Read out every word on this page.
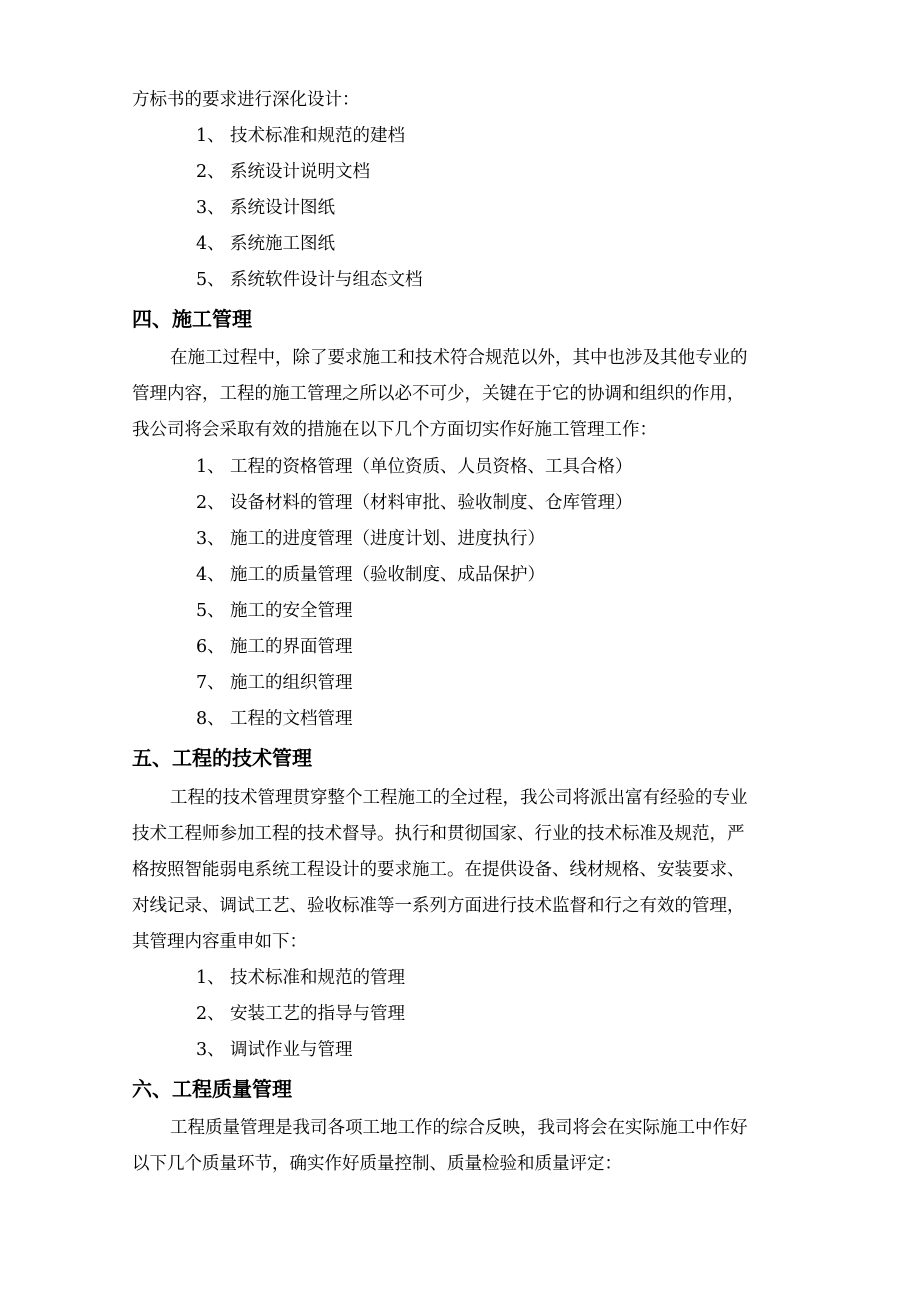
方标书的要求进行深化设计：
1、 技术标准和规范的建档
2、 系统设计说明文档
3、 系统设计图纸
4、 系统施工图纸
5、 系统软件设计与组态文档
四、施工管理
在施工过程中，除了要求施工和技术符合规范以外，其中也涉及其他专业的
管理内容，工程的施工管理之所以必不可少，关键在于它的协调和组织的作用，
我公司将会采取有效的措施在以下几个方面切实作好施工管理工作：
1、 工程的资格管理（单位资质、人员资格、工具合格）
2、 设备材料的管理（材料审批、验收制度、仓库管理）
3、 施工的进度管理（进度计划、进度执行）
4、 施工的质量管理（验收制度、成品保护）
5、 施工的安全管理
6、 施工的界面管理
7、 施工的组织管理
8、 工程的文档管理
五、工程的技术管理
工程的技术管理贯穿整个工程施工的全过程，我公司将派出富有经验的专业
技术工程师参加工程的技术督导。执行和贯彻国家、行业的技术标准及规范，严
格按照智能弱电系统工程设计的要求施工。在提供设备、线材规格、安装要求、
对线记录、调试工艺、验收标准等一系列方面进行技术监督和行之有效的管理，
其管理内容重申如下：
1、 技术标准和规范的管理
2、 安装工艺的指导与管理
3、 调试作业与管理
六、工程质量管理
工程质量管理是我司各项工地工作的综合反映，我司将会在实际施工中作好
以下几个质量环节，确实作好质量控制、质量检验和质量评定：
